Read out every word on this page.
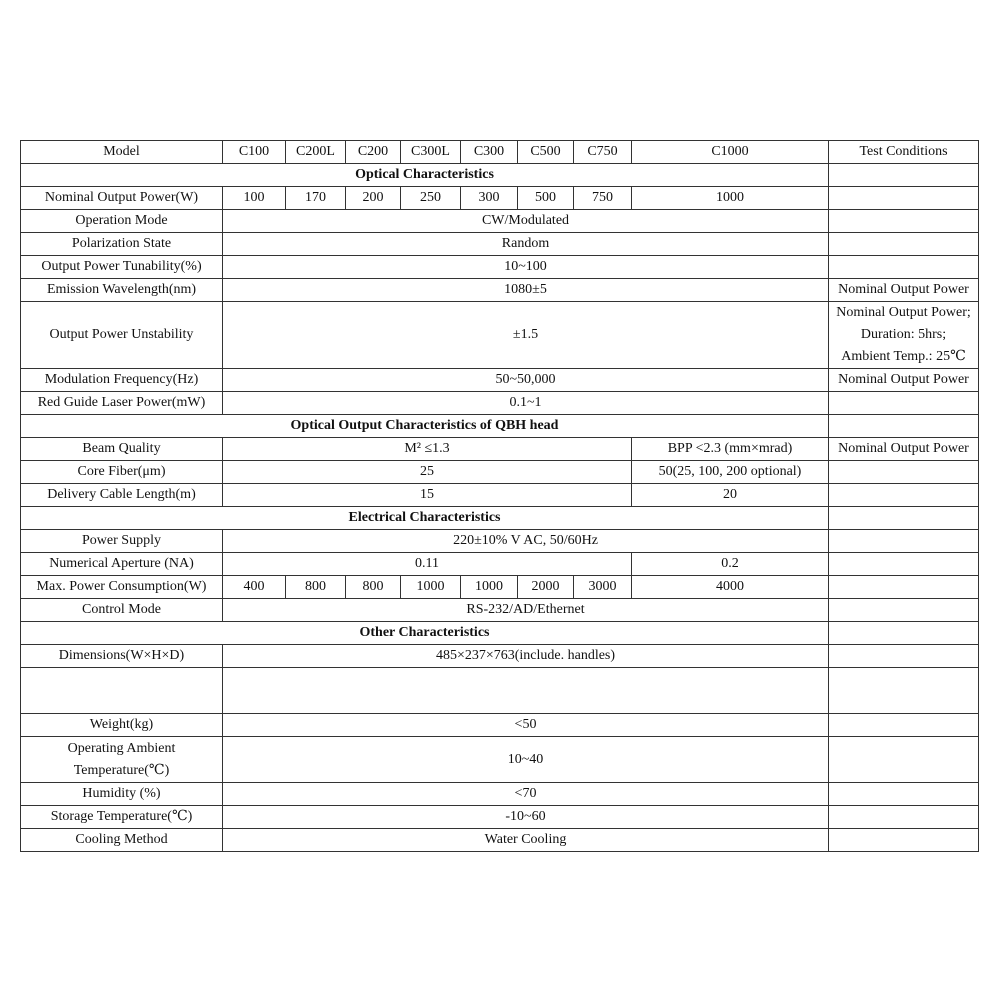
Model	C100	C200L	C200	C300L	C300	C500	C750	C1000	Test Conditions
Optical Characteristics									
Nominal Output Power(W)	100	170	200	250	300	500	750	1000	
Operation Mode	CW/Modulated								
Polarization State	Random								
Output Power Tunability(%)	10~100								
Emission Wavelength(nm)	1080±5								Nominal Output Power
Output Power Unstability	±1.5								Nominal Output Power;
Duration: 5hrs;
Ambient Temp.: 25℃

Modulation Frequency(Hz)	50~50,000								Nominal Output Power
Red Guide Laser Power(mW)	0.1~1								
Optical Output Characteristics of QBH head									
Beam Quality	M² ≤1.3							BPP <2.3 (mm×mrad)	Nominal Output Power
Core Fiber(μm)	25							50(25, 100, 200 optional)	
Delivery Cable Length(m)	15							20	
Electrical Characteristics									
Power Supply	220±10% V AC, 50/60Hz								
Numerical Aperture (NA)	0.11							0.2	
Max. Power Consumption(W)	400	800	800	1000	1000	2000	3000	4000	
Control Mode	RS-232/AD/Ethernet								
Other Characteristics									
Dimensions(W×H×D)	485×237×763(include. handles)								

Weight(kg)	<50								

Operating Ambient
Temperature(℃)	10~40								
Humidity (%)	<70								
Storage Temperature(℃)	-10~60								
Cooling Method	Water Cooling								
